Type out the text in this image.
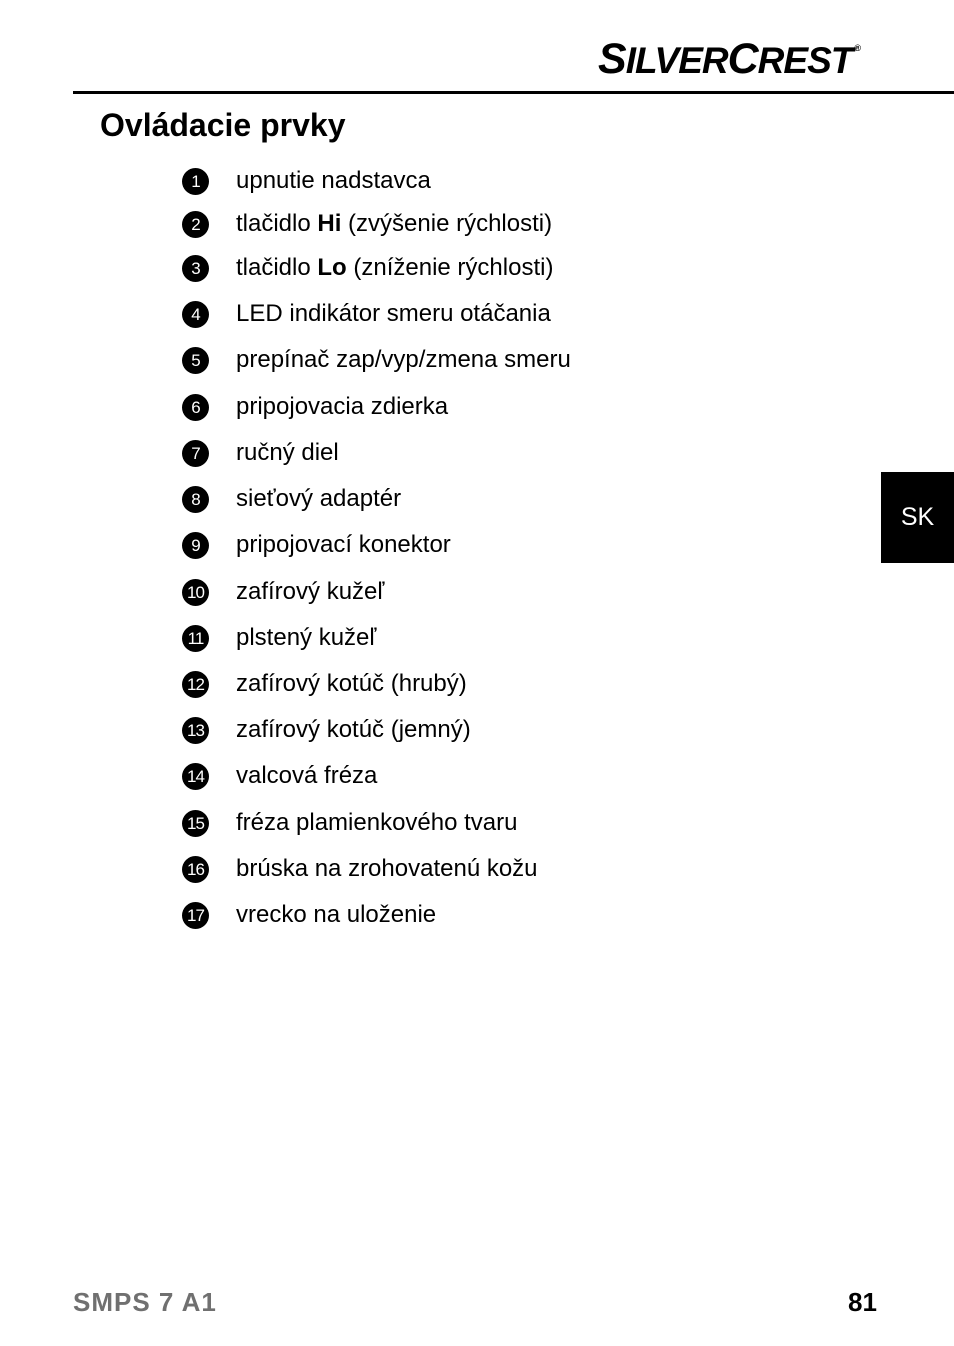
SILVERCREST ®
Ovládacie prvky
1	upnutie nadstavca
2	tlačidlo Hi (zvýšenie rýchlosti)
3	tlačidlo Lo (zníženie rýchlosti)
4	LED indikátor smeru otáčania
5	prepínač zap/vyp/zmena smeru
6	pripojovacia zdierka
7	ručný diel
8	sieťový adaptér
9	pripojovací konektor
10 zafírový kužeľ
11 plstený kužeľ
12 zafírový kotúč (hrubý)
13 zafírový kotúč (jemný)
14 valcová fréza
15 fréza plamienkového tvaru
16 brúska na zrohovatenú kožu
17 vrecko na uloženie
SK
SMPS 7 A1	81
